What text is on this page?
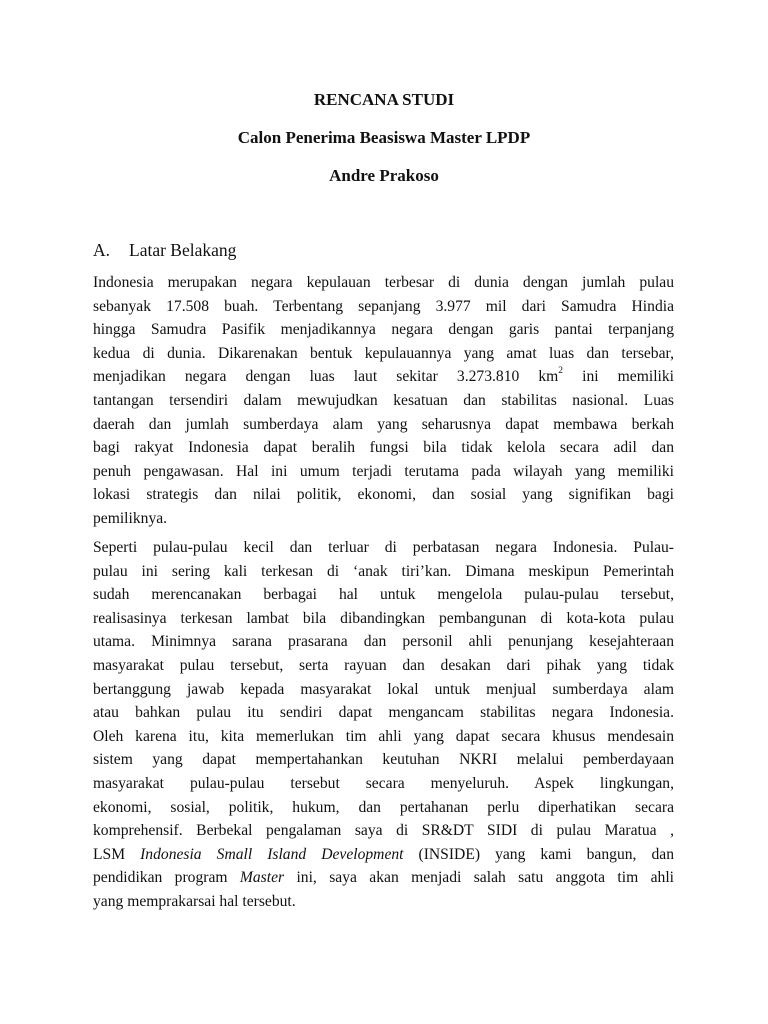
RENCANA STUDI
Calon Penerima Beasiswa Master LPDP
Andre Prakoso
A. Latar Belakang
Indonesia merupakan negara kepulauan terbesar di dunia dengan jumlah pulau
sebanyak 17.508 buah. Terbentang sepanjang 3.977 mil dari Samudra Hindia
hingga Samudra Pasifik menjadikannya negara dengan garis pantai terpanjang
kedua di dunia. Dikarenakan bentuk kepulauannya yang amat luas dan tersebar,
menjadikan negara dengan luas laut sekitar 3.273.810 $km^2$ ini memiliki
tantangan tersendiri dalam mewujudkan kesatuan dan stabilitas nasional. Luas
daerah dan jumlah sumberdaya alam yang seharusnya dapat membawa berkah
bagi rakyat Indonesia dapat beralih fungsi bila tidak kelola secara adil dan
penuh pengawasan. Hal ini umum terjadi terutama pada wilayah yang memiliki
lokasi strategis dan nilai politik, ekonomi, dan sosial yang signifikan bagi
pemiliknya.
Seperti pulau-pulau kecil dan terluar di perbatasan negara Indonesia. Pulau-
pulau ini sering kali terkesan di ‘anak tiri’kan. Dimana meskipun Pemerintah
sudah merencanakan berbagai hal untuk mengelola pulau-pulau tersebut,
realisasinya terkesan lambat bila dibandingkan pembangunan di kota-kota pulau
utama. Minimnya sarana prasarana dan personil ahli penunjang kesejahteraan
masyarakat pulau tersebut, serta rayuan dan desakan dari pihak yang tidak
bertanggung jawab kepada masyarakat lokal untuk menjual sumberdaya alam
atau bahkan pulau itu sendiri dapat mengancam stabilitas negara Indonesia.
Oleh karena itu, kita memerlukan tim ahli yang dapat secara khusus mendesain
sistem yang dapat mempertahankan keutuhan NKRI melalui pemberdayaan
masyarakat pulau-pulau tersebut secara menyeluruh. Aspek lingkungan,
ekonomi, sosial, politik, hukum, dan pertahanan perlu diperhatikan secara
komprehensif. Berbekal pengalaman saya di SR&DT SIDI di pulau Maratua ,
LSM Indonesia Small Island Development (INSIDE) yang kami bangun, dan
pendidikan program Master ini, saya akan menjadi salah satu anggota tim ahli
yang memprakarsai hal tersebut.
